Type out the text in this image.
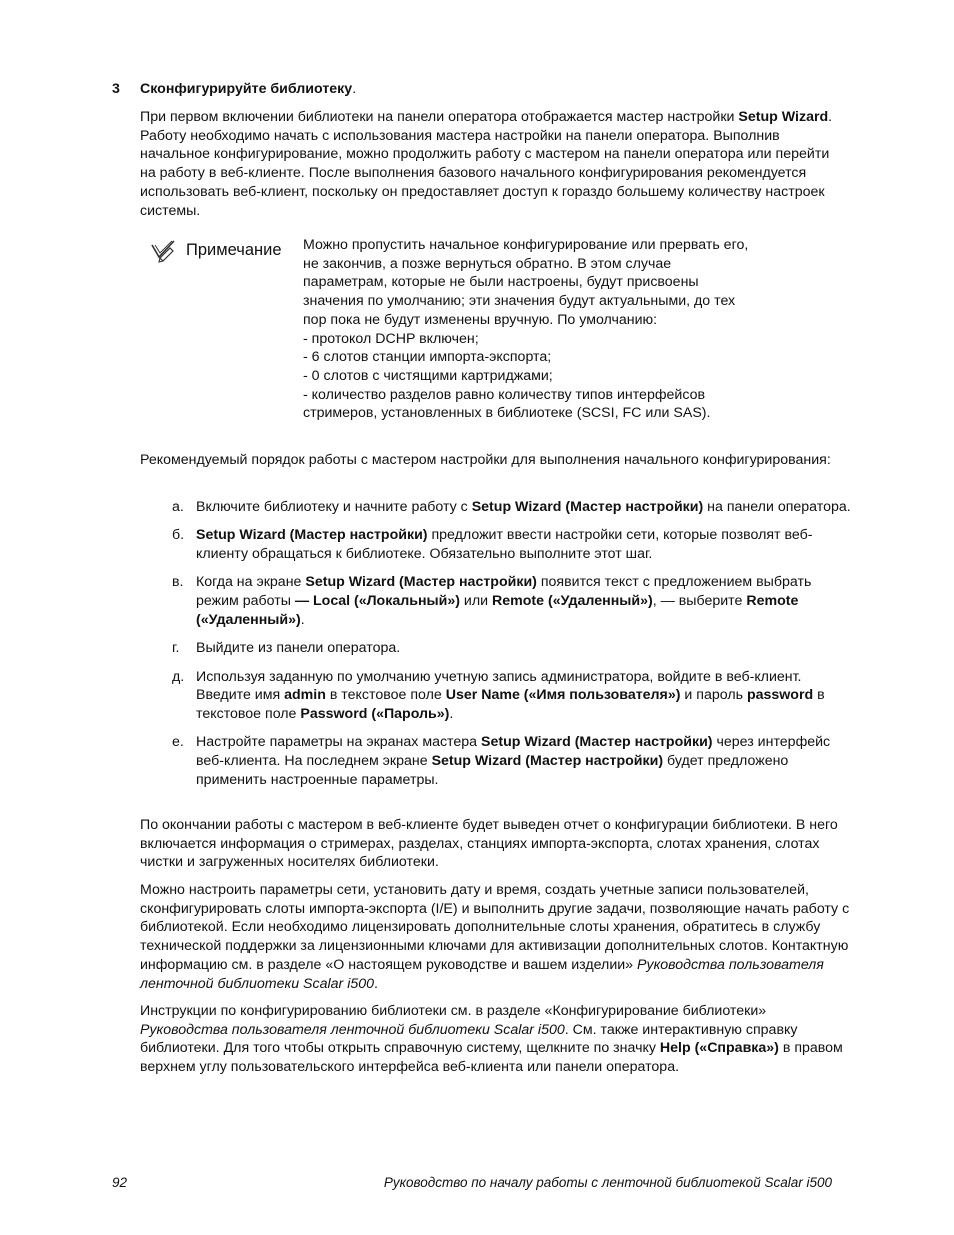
3 Сконфигурируйте библиотеку.

При первом включении библиотеки на панели оператора отображается мастер настройки Setup Wizard. Работу необходимо начать с использования мастера настройки на панели оператора. Выполнив начальное конфигурирование, можно продолжить работу с мастером на панели оператора или перейти на работу в веб-клиенте. После выполнения базового начального конфигурирования рекомендуется использовать веб-клиент, поскольку он предоставляет доступ к гораздо большему количеству настроек системы.

Примечание Можно пропустить начальное конфигурирование или прервать его,
не закончив, а позже вернуться обратно. В этом случае
параметрам, которые не были настроены, будут присвоены
значения по умолчанию; эти значения будут актуальными, до тех
пор пока не будут изменены вручную. По умолчанию:
- протокол DCHP включен;
- 6 слотов станции импорта-экспорта;
- 0 слотов с чистящими картриджами;
- количество разделов равно количеству типов интерфейсов
стримеров, установленных в библиотеке (SCSI, FC или SAS).

Рекомендуемый порядок работы с мастером настройки для выполнения начального конфигурирования:

a. Включите библиотеку и начните работу с Setup Wizard (Мастер настройки) на панели оператора.
б. Setup Wizard (Мастер настройки) предложит ввести настройки сети, которые позволят веб-клиенту обращаться к библиотеке. Обязательно выполните этот шаг.
в. Когда на экране Setup Wizard (Мастер настройки) появится текст с предложением выбрать режим работы — Local («Локальный») или Remote («Удаленный»), — выберите Remote («Удаленный»).
г. Выйдите из панели оператора.
д. Используя заданную по умолчанию учетную запись администратора, войдите в веб-клиент. Введите имя admin в текстовое поле User Name («Имя пользователя») и пароль password в текстовое поле Password («Пароль»).
е. Настройте параметры на экранах мастера Setup Wizard (Мастер настройки) через интерфейс веб-клиента. На последнем экране Setup Wizard (Мастер настройки) будет предложено применить настроенные параметры.

По окончании работы с мастером в веб-клиенте будет выведен отчет о конфигурации библиотеки. В него включается информация о стримерах, разделах, станциях импорта-экспорта, слотах хранения, слотах чистки и загруженных носителях библиотеки.

Можно настроить параметры сети, установить дату и время, создать учетные записи пользователей, сконфигурировать слоты импорта-экспорта (I/E) и выполнить другие задачи, позволяющие начать работу с библиотекой. Если необходимо лицензировать дополнительные слоты хранения, обратитесь в службу технической поддержки за лицензионными ключами для активизации дополнительных слотов. Контактную информацию см. в разделе «О настоящем руководстве и вашем изделии» Руководства пользователя ленточной библиотеки Scalar i500.

Инструкции по конфигурированию библиотеки см. в разделе «Конфигурирование библиотеки» Руководства пользователя ленточной библиотеки Scalar i500. См. также интерактивную справку библиотеки. Для того чтобы открыть справочную систему, щелкните по значку Help («Справка») в правом верхнем углу пользовательского интерфейса веб-клиента или панели оператора.

92	Руководство по началу работы с ленточной библиотекой Scalar i500
